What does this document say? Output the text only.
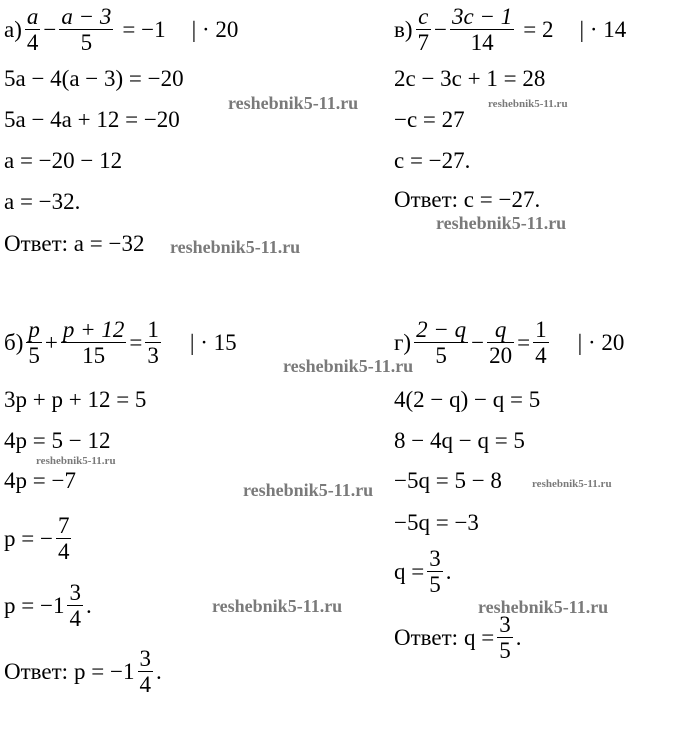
$а) \frac{a}{4} - \frac{a - 3}{5} = -1$ | · 20
5a − 4(a − 3) = −20
5a − 4a + 12 = −20
a = −20 − 12
a = −32.
Ответ: a = −32
$в) \frac{c}{7} - \frac{3c - 1}{14} = 2$ | · 14
2c − 3c + 1 = 28
−c = 27
c = −27.
Ответ: c = −27.
$б) \frac{p}{5} + \frac{p + 12}{15} = \frac{1}{3}$ | · 15
3p + p + 12 = 5
4p = 5 − 12
4p = −7
p = − $\frac{7}{4}$
$p = -1 \frac{3}{4}$ .
Ответ: $p = -1 \frac{3}{4}$ .
$г) \frac{2 - q}{5} - \frac{q}{20} = \frac{1}{4}$ | · 20
4(2 − q) − q = 5
8 − 4q − q = 5
−5q = 5 − 8
−5q = −3
$q = \frac{3}{5}$ .
Ответ: $q = \frac{3}{5}$ .
reshebnik5-11.ru	reshebnik5-11.ru
reshebnik5-11.ru
reshebnik5-11.ru
reshebnik5-11.ru
reshebnik5-11.ru
reshebnik5-11.ru	reshebnik5-11.ru
reshebnik5-11.ru	reshebnik5-11.ru
